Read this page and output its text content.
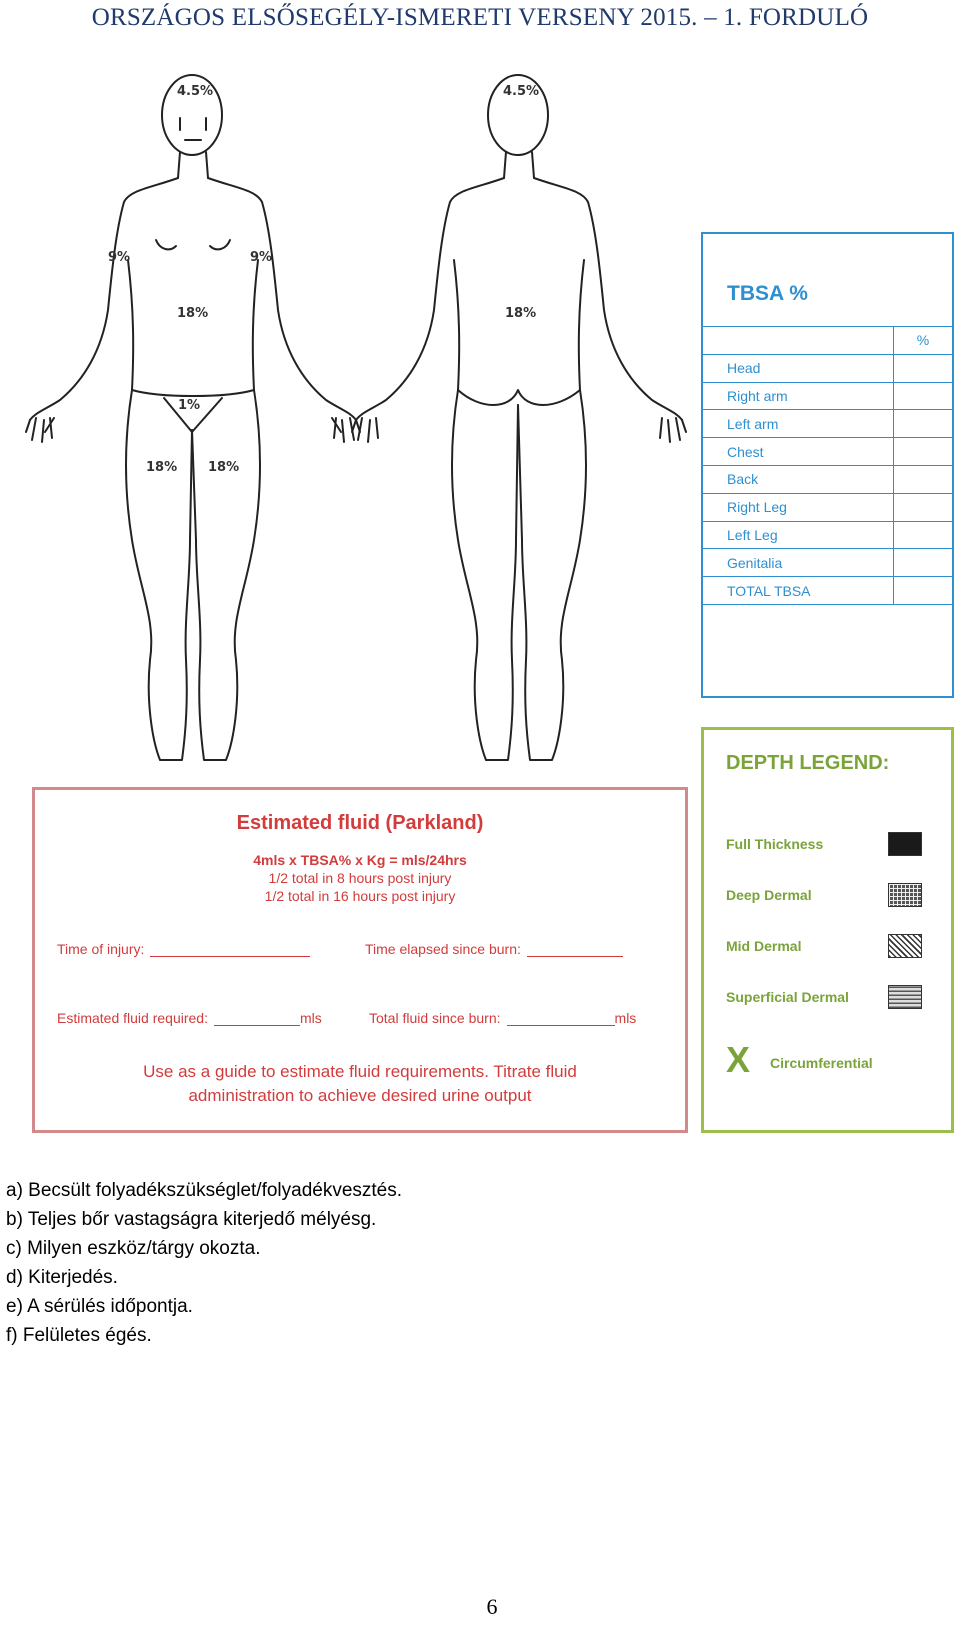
ORSZÁGOS ELSŐSEGÉLY-ISMERETI VERSENY 2015. – 1. FORDULÓ
4.5%
9%	9%
18%
1%
18% 18%
4.5%
18%
TBSA %
	%
Head	
Right arm	
Left arm	
Chest	
Back	
Right Leg	
Left Leg	
Genitalia	
TOTAL TBSA	
Estimated fluid (Parkland)
4mls x TBSA% x Kg = mls/24hrs
1/2 total in 8 hours post injury
1/2 total in 16 hours post injury
Time of injury:	Time elapsed since burn:
Estimated fluid required:	mls	Total fluid since burn:	mls
Use as a guide to estimate fluid requirements. Titrate fluid
administration to achieve desired urine output
DEPTH LEGEND:
Full Thickness
Deep Dermal
Mid Dermal
Superficial Dermal
X Circumferential
a) Becsült folyadékszükséglet/folyadékvesztés.
b) Teljes bőr vastagságra kiterjedő mélyésg.
c) Milyen eszköz/tárgy okozta.
d) Kiterjedés.
e) A sérülés időpontja.
f) Felületes égés.
6
